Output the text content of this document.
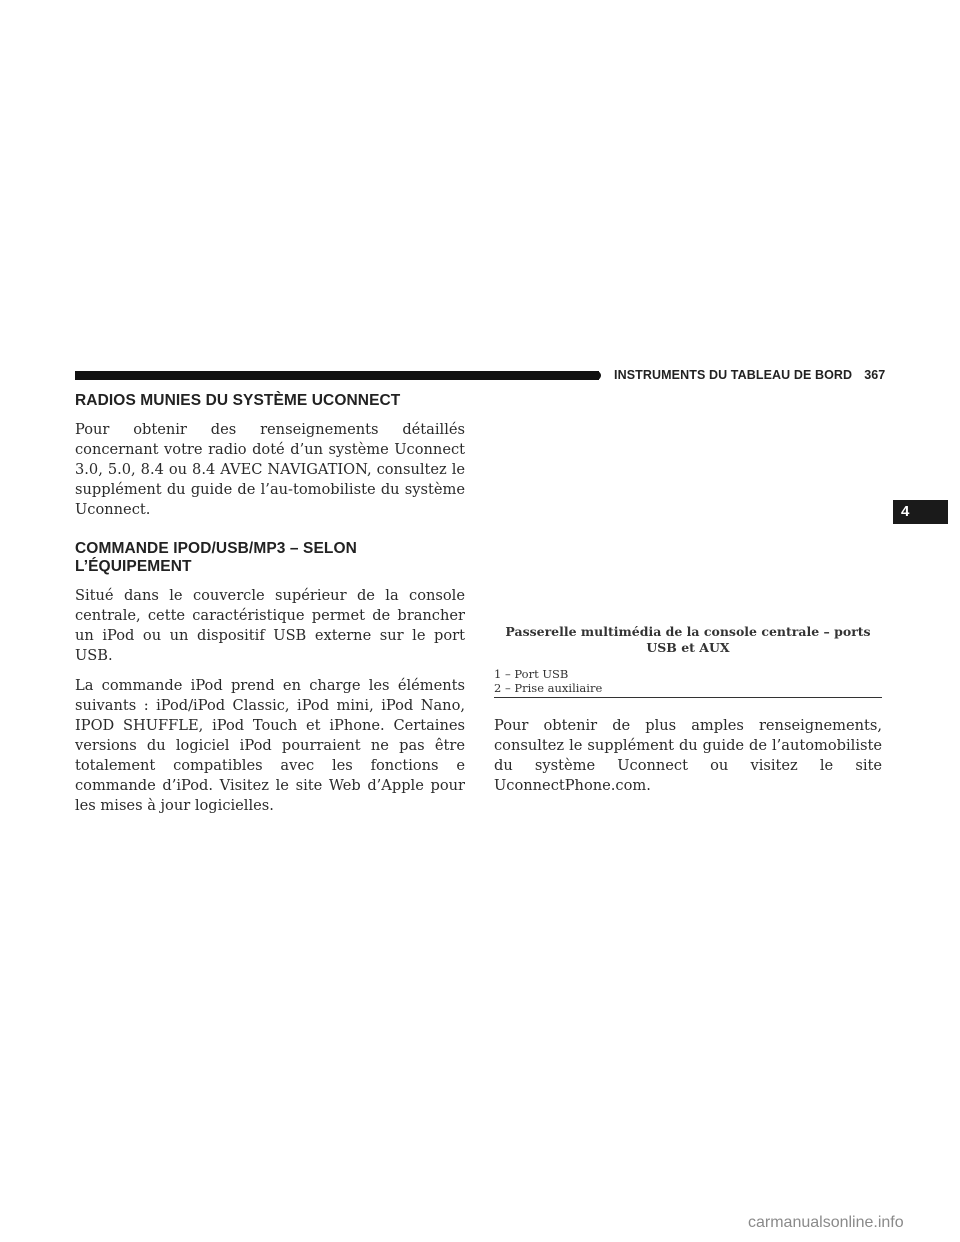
INSTRUMENTS DU TABLEAU DE BORD 367
4
RADIOS MUNIES DU SYSTÈME UCONNECT

Pour obtenir des renseignements détaillés concernant votre radio doté d’un système Uconnect 3.0, 5.0, 8.4 ou 8.4 AVEC NAVIGATION, consultez le supplément du guide de l’au-tomobiliste du système Uconnect.

COMMANDE IPOD/USB/MP3 – SELON L’ÉQUIPEMENT

Situé dans le couvercle supérieur de la console centrale, cette caractéristique permet de brancher un iPod ou un dispositif USB externe sur le port USB.

La commande iPod prend en charge les éléments suivants : iPod/iPod Classic, iPod mini, iPod Nano, IPOD SHUFFLE, iPod Touch et iPhone. Certaines versions du logiciel iPod pourraient ne pas être totalement compatibles avec les fonctions e commande d’iPod. Visitez le site Web d’Apple pour les mises à jour logicielles.

Passerelle multimédia de la console centrale – ports USB et AUX
1 – Port USB
2 – Prise auxiliaire

Pour obtenir de plus amples renseignements, consultez le supplément du guide de l’automobiliste du système Uconnect ou visitez le site UconnectPhone.com.

carmanualsonline.info
